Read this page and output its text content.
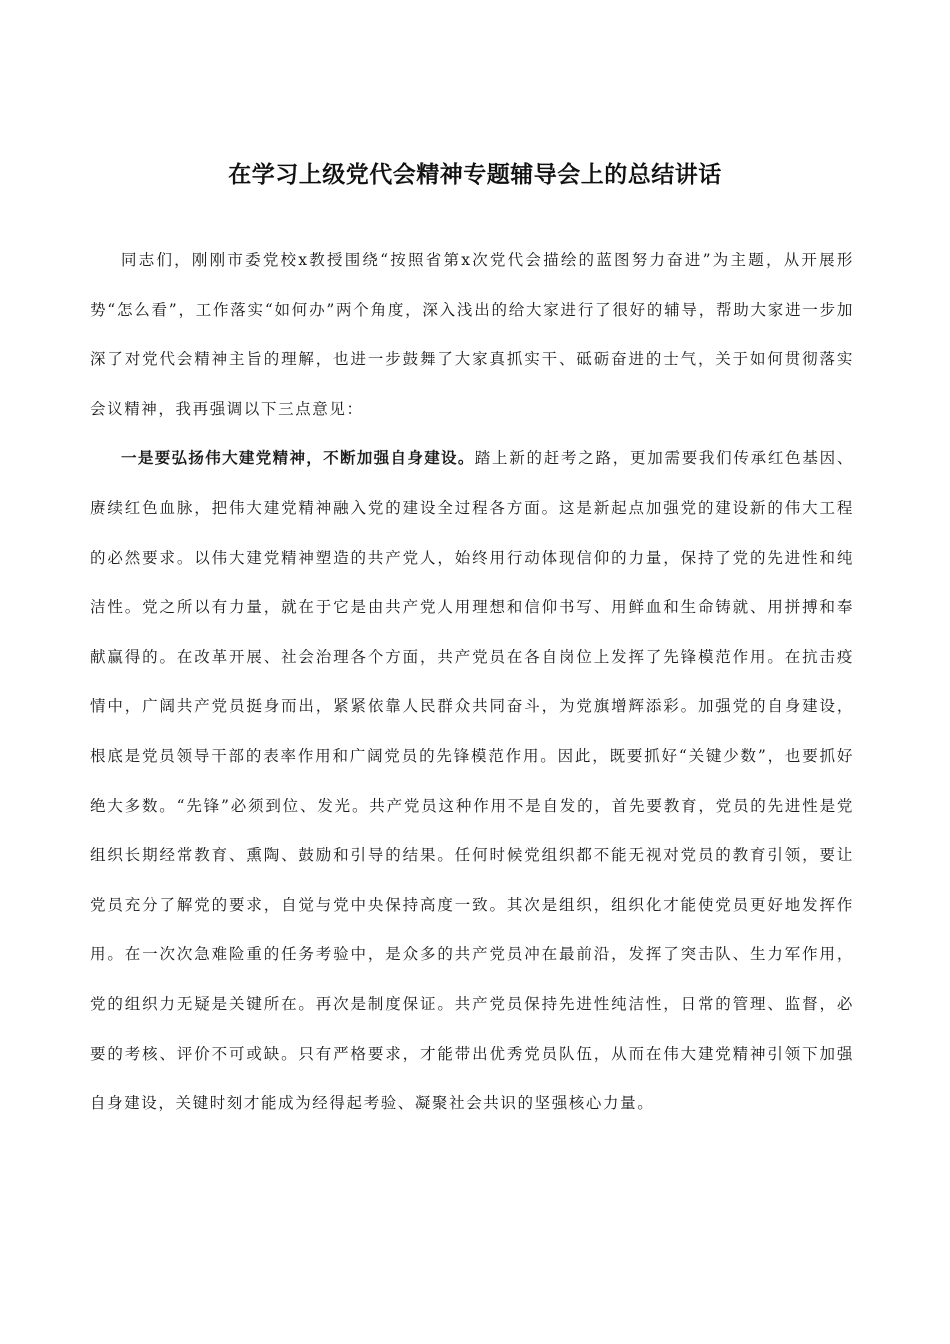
在学习上级党代会精神专题辅导会上的总结讲话

同志们，刚刚市委党校x教授围绕“按照省第x次党代会描绘的蓝图努力奋进”为主题，从开展形势“怎么看”，工作落实“如何办”两个角度，深入浅出的给大家进行了很好的辅导，帮助大家进一步加深了对党代会精神主旨的理解，也进一步鼓舞了大家真抓实干、砥砺奋进的士气，关于如何贯彻落实会议精神，我再强调以下三点意见：

一是要弘扬伟大建党精神，不断加强自身建设。踏上新的赶考之路，更加需要我们传承红色基因、赓续红色血脉，把伟大建党精神融入党的建设全过程各方面。这是新起点加强党的建设新的伟大工程的必然要求。以伟大建党精神塑造的共产党人，始终用行动体现信仰的力量，保持了党的先进性和纯洁性。党之所以有力量，就在于它是由共产党人用理想和信仰书写、用鲜血和生命铸就、用拼搏和奉献赢得的。在改革开展、社会治理各个方面，共产党员在各自岗位上发挥了先锋模范作用。在抗击疫情中，广阔共产党员挺身而出，紧紧依靠人民群众共同奋斗，为党旗增辉添彩。加强党的自身建设，根底是党员领导干部的表率作用和广阔党员的先锋模范作用。因此，既要抓好“关键少数”，也要抓好绝大多数。“先锋”必须到位、发光。共产党员这种作用不是自发的，首先要教育，党员的先进性是党组织长期经常教育、熏陶、鼓励和引导的结果。任何时候党组织都不能无视对党员的教育引领，要让党员充分了解党的要求，自觉与党中央保持高度一致。其次是组织，组织化才能使党员更好地发挥作用。在一次次急难险重的任务考验中，是众多的共产党员冲在最前沿，发挥了突击队、生力军作用，党的组织力无疑是关键所在。再次是制度保证。共产党员保持先进性纯洁性，日常的管理、监督，必要的考核、评价不可或缺。只有严格要求，才能带出优秀党员队伍，从而在伟大建党精神引领下加强自身建设，关键时刻才能成为经得起考验、凝聚社会共识的坚强核心力量。
